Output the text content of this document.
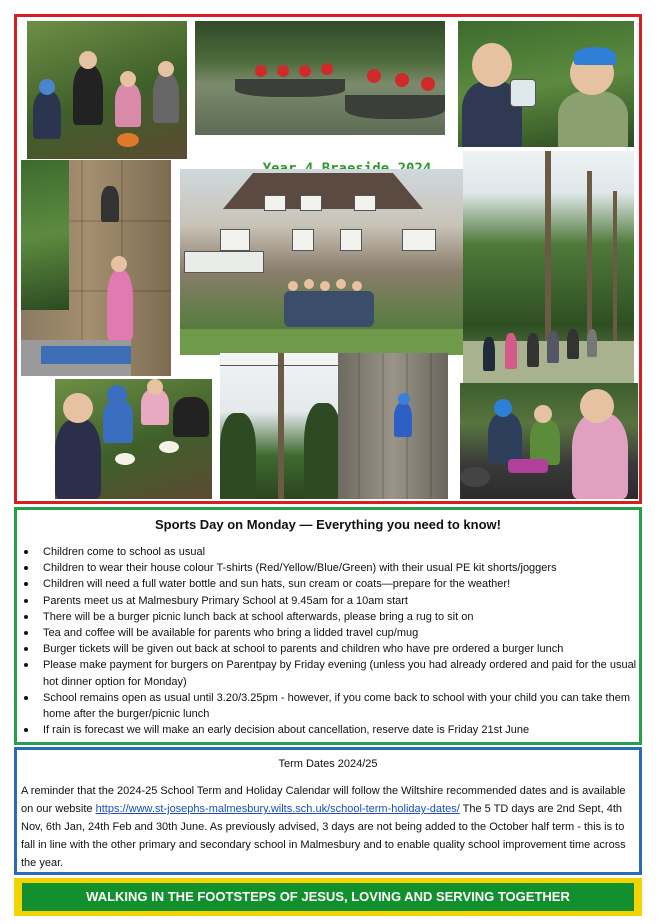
Sports Day on Monday — Everything you need to know!
Children come to school as usual
Children to wear their house colour T-shirts (Red/Yellow/Blue/Green) with their usual PE kit shorts/joggers
Children will need a full water bottle and sun hats, sun cream or coats—prepare for the weather!
Parents meet us at Malmesbury Primary School at 9.45am for a 10am start
There will be a burger picnic lunch back at school afterwards, please bring a rug to sit on
Tea and coffee will be available for parents who bring a lidded travel cup/mug
Burger tickets will be given out back at school to parents and children who have pre ordered a burger lunch
Please make payment for burgers on Parentpay by Friday evening (unless you had already ordered and paid for the usual hot dinner option for Monday)
School remains open as usual until 3.20/3.25pm - however, if you come back to school with your child you can take them home after the burger/picnic lunch
If rain is forecast we will make an early decision about cancellation, reserve date is Friday 21st June
Term Dates 2024/25
A reminder that the 2024-25 School Term and Holiday Calendar will follow the Wiltshire recommended dates and is available on our website https://www.st-josephs-malmesbury.wilts.sch.uk/school-term-holiday-dates/ The 5 TD days are 2nd Sept, 4th Nov, 6th Jan, 24th Feb and 30th June. As previously advised, 3 days are not being added to the October half term - this is to fall in line with the other primary and secondary school in Malmesbury and to enable quality school improvement time across the year.
WALKING IN THE FOOTSTEPS OF JESUS, LOVING AND SERVING TOGETHER
